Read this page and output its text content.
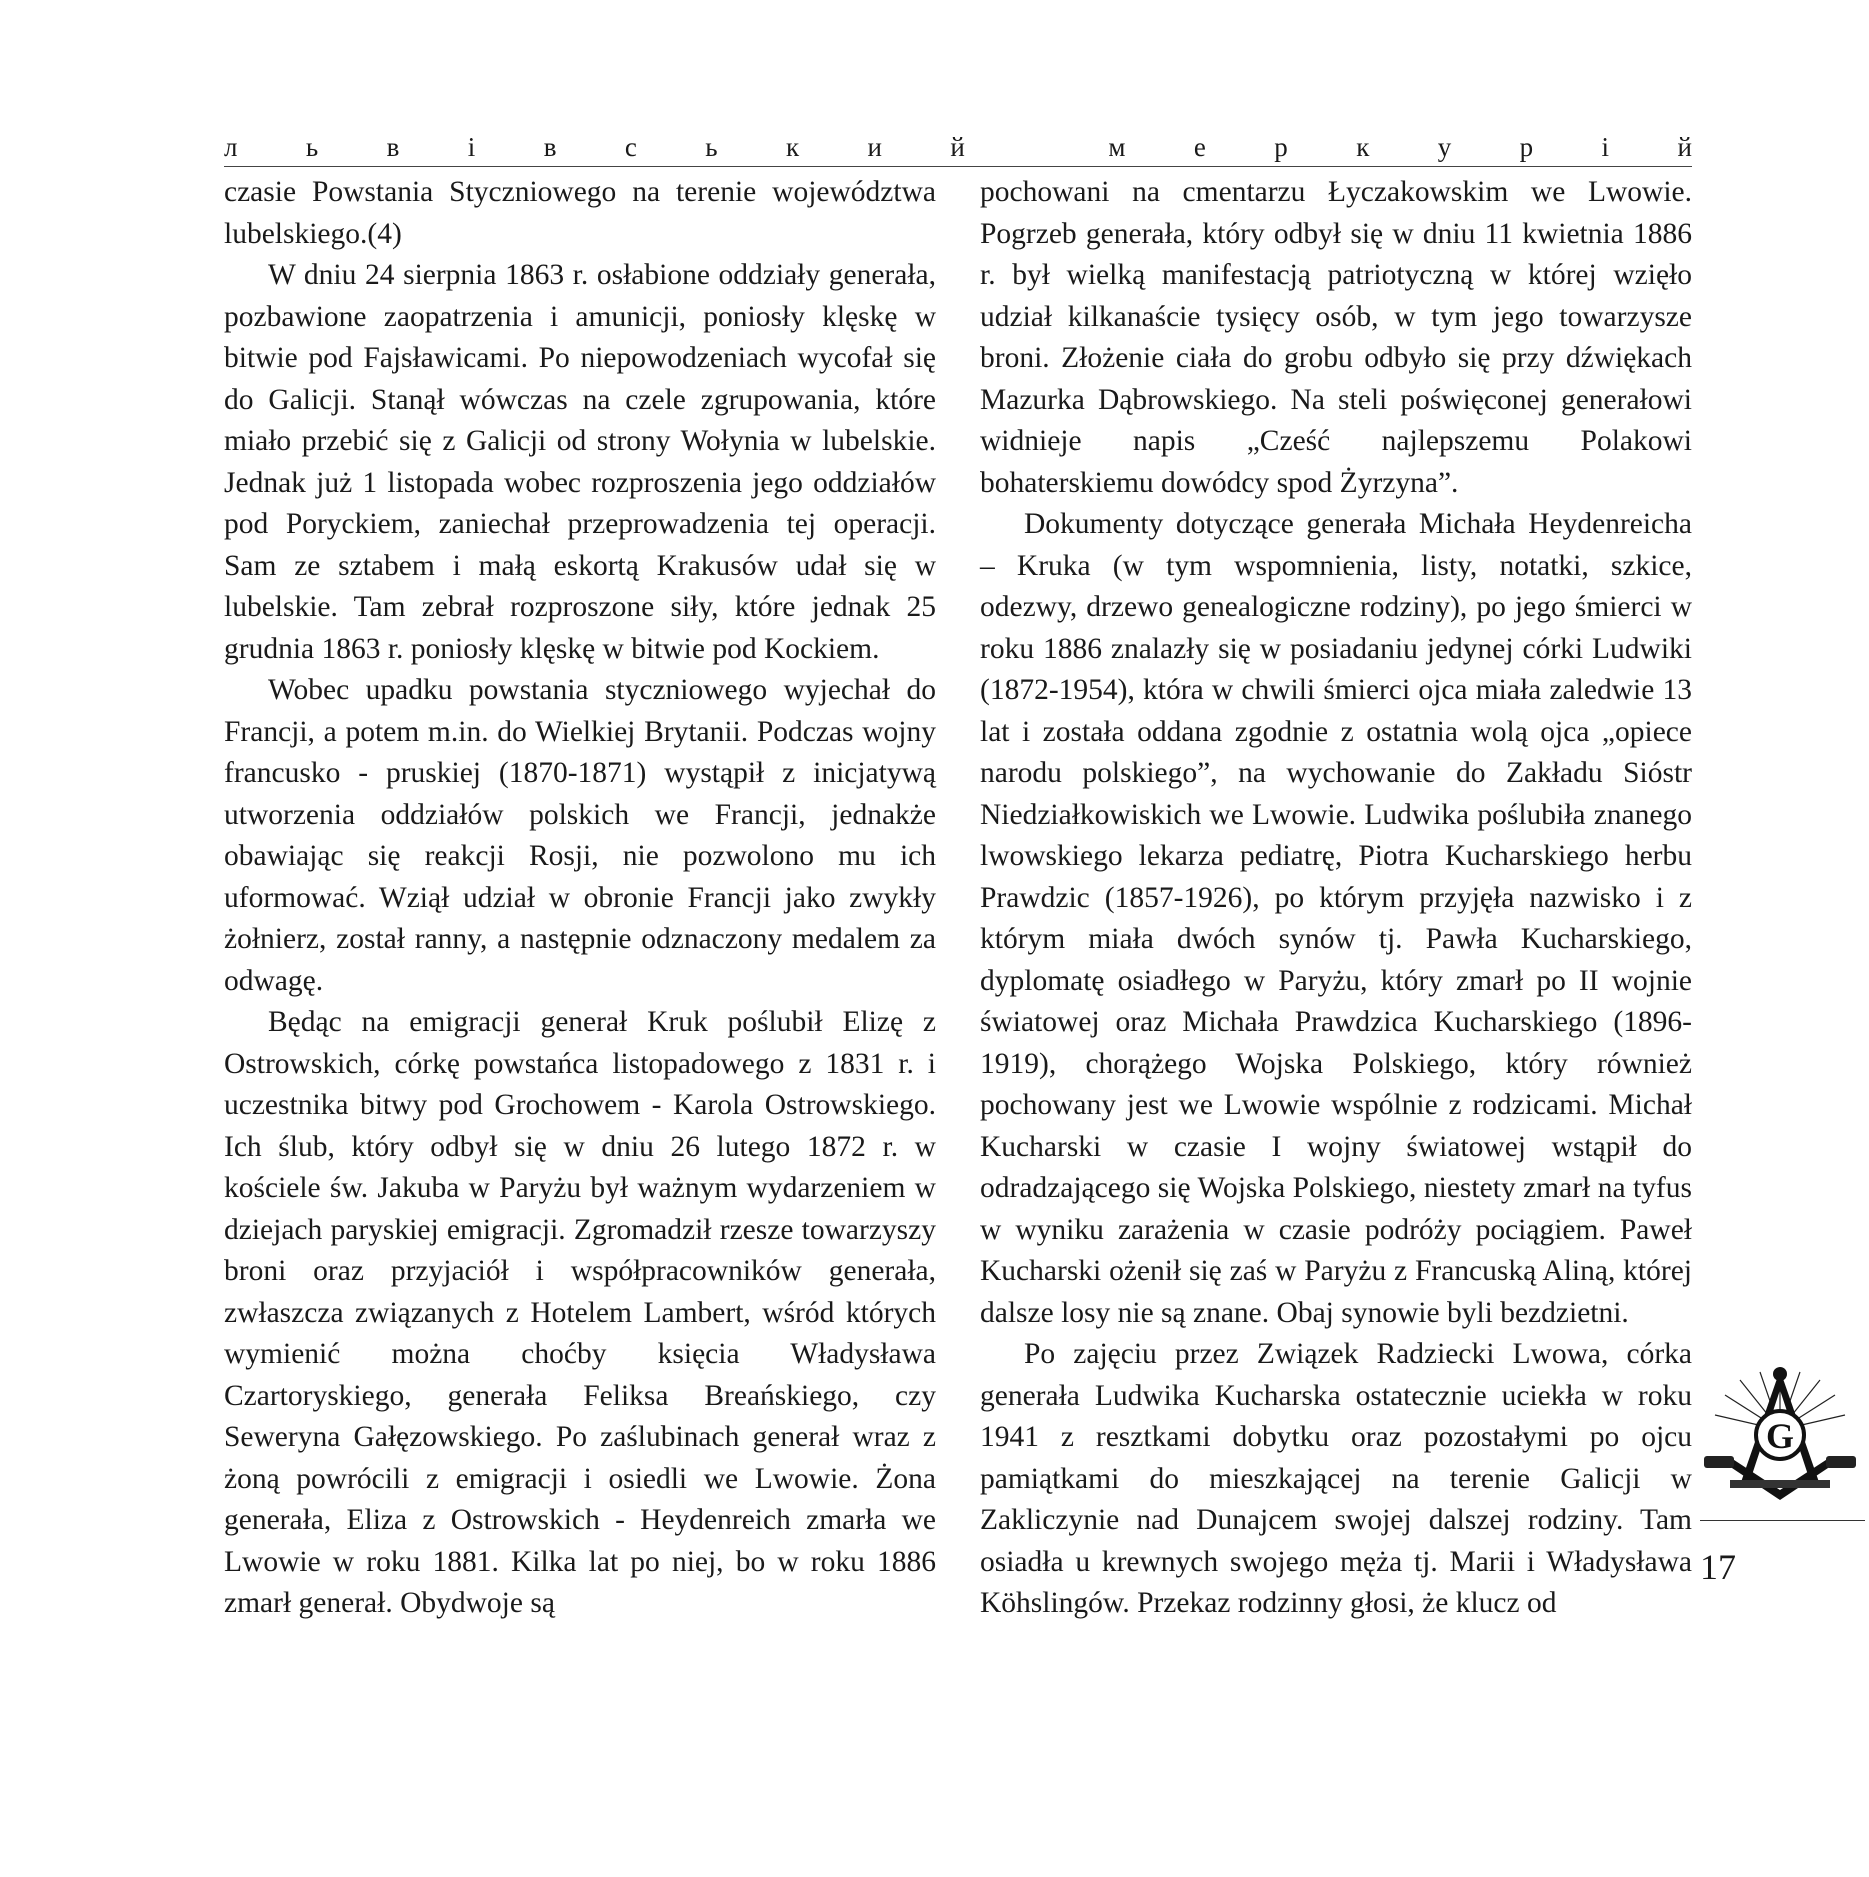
л	ь	в	і	в	с	ь	к	и	й
	м	е	р	к	у	р	і	й

czasie Powstania Styczniowego na terenie województwa lubelskiego.(4)

W dniu 24 sierpnia 1863 r. osłabione oddziały generała, pozbawione zaopatrzenia i amunicji, poniosły klęskę w bitwie pod Fajsławicami. Po niepowodzeniach wycofał się do Galicji. Stanął wówczas na czele zgrupowania, które miało przebić się z Galicji od strony Wołynia w lubelskie. Jednak już 1 listopada wobec rozproszenia jego oddziałów pod Poryckiem, zaniechał przeprowadzenia tej operacji. Sam ze sztabem i małą eskortą Krakusów udał się w lubelskie. Tam zebrał rozproszone siły, które jednak 25 grudnia 1863 r. poniosły klęskę w bitwie pod Kockiem.

Wobec upadku powstania styczniowego wyjechał do Francji, a potem m.in. do Wielkiej Brytanii. Podczas wojny francusko - pruskiej (1870-1871) wystąpił z inicjatywą utworzenia oddziałów polskich we Francji, jednakże obawiając się reakcji Rosji, nie pozwolono mu ich uformować. Wziął udział w obronie Francji jako zwykły żołnierz, został ranny, a następnie odznaczony medalem za odwagę.

Będąc na emigracji generał Kruk poślubił Elizę z Ostrowskich, córkę powstańca listopadowego z 1831 r. i uczestnika bitwy pod Grochowem - Karola Ostrowskiego. Ich ślub, który odbył się w dniu 26 lutego 1872 r. w kościele św. Jakuba w Paryżu był ważnym wydarzeniem w dziejach paryskiej emigracji. Zgromadził rzesze towarzyszy broni oraz przyjaciół i współpracowników generała, zwłaszcza związanych z Hotelem Lambert, wśród których wymienić można choćby księcia Władysława Czartoryskiego, generała Feliksa Breańskiego, czy Seweryna Gałęzowskiego. Po zaślubinach generał wraz z żoną powrócili z emigracji i osiedli we Lwowie. Żona generała, Eliza z Ostrowskich - Heydenreich zmarła we Lwowie w roku 1881. Kilka lat po niej, bo w roku 1886 zmarł generał. Obydwoje są

pochowani na cmentarzu Łyczakowskim we Lwowie. Pogrzeb generała, który odbył się w dniu 11 kwietnia 1886 r. był wielką manifestacją patriotyczną w której wzięło udział kilkanaście tysięcy osób, w tym jego towarzysze broni. Złożenie ciała do grobu odbyło się przy dźwiękach Mazurka Dąbrowskiego. Na steli poświęconej generałowi widnieje napis „Cześć najlepszemu Polakowi bohaterskiemu dowódcy spod Żyrzyna”.

Dokumenty dotyczące generała Michała Heydenreicha – Kruka (w tym wspomnienia, listy, notatki, szkice, odezwy, drzewo genealogiczne rodziny), po jego śmierci w roku 1886 znalazły się w posiadaniu jedynej córki Ludwiki (1872-1954), która w chwili śmierci ojca miała zaledwie 13 lat i została oddana zgodnie z ostatnia wolą ojca „opiece narodu polskiego”, na wychowanie do Zakładu Sióstr Niedziałkowiskich we Lwowie. Ludwika poślubiła znanego lwowskiego lekarza pediatrę, Piotra Kucharskiego herbu Prawdzic (1857-1926), po którym przyjęła nazwisko i z którym miała dwóch synów tj. Pawła Kucharskiego, dyplomatę osiadłego w Paryżu, który zmarł po II wojnie światowej oraz Michała Prawdzica Kucharskiego (1896-1919), chorążego Wojska Polskiego, który również pochowany jest we Lwowie wspólnie z rodzicami. Michał Kucharski w czasie I wojny światowej wstąpił do odradzającego się Wojska Polskiego, niestety zmarł na tyfus w wyniku zarażenia w czasie podróży pociągiem. Paweł Kucharski ożenił się zaś w Paryżu z Francuską Aliną, której dalsze losy nie są znane. Obaj synowie byli bezdzietni.

Po zajęciu przez Związek Radziecki Lwowa, córka generała Ludwika Kucharska ostatecznie uciekła w roku 1941 z resztkami dobytku oraz pozostałymi po ojcu pamiątkami do mieszkającej na terenie Galicji w Zakliczynie nad Dunajcem swojej dalszej rodziny. Tam osiadła u krewnych swojego męża tj. Marii i Władysława Köhslingów. Przekaz rodzinny głosi, że klucz od

G
17
